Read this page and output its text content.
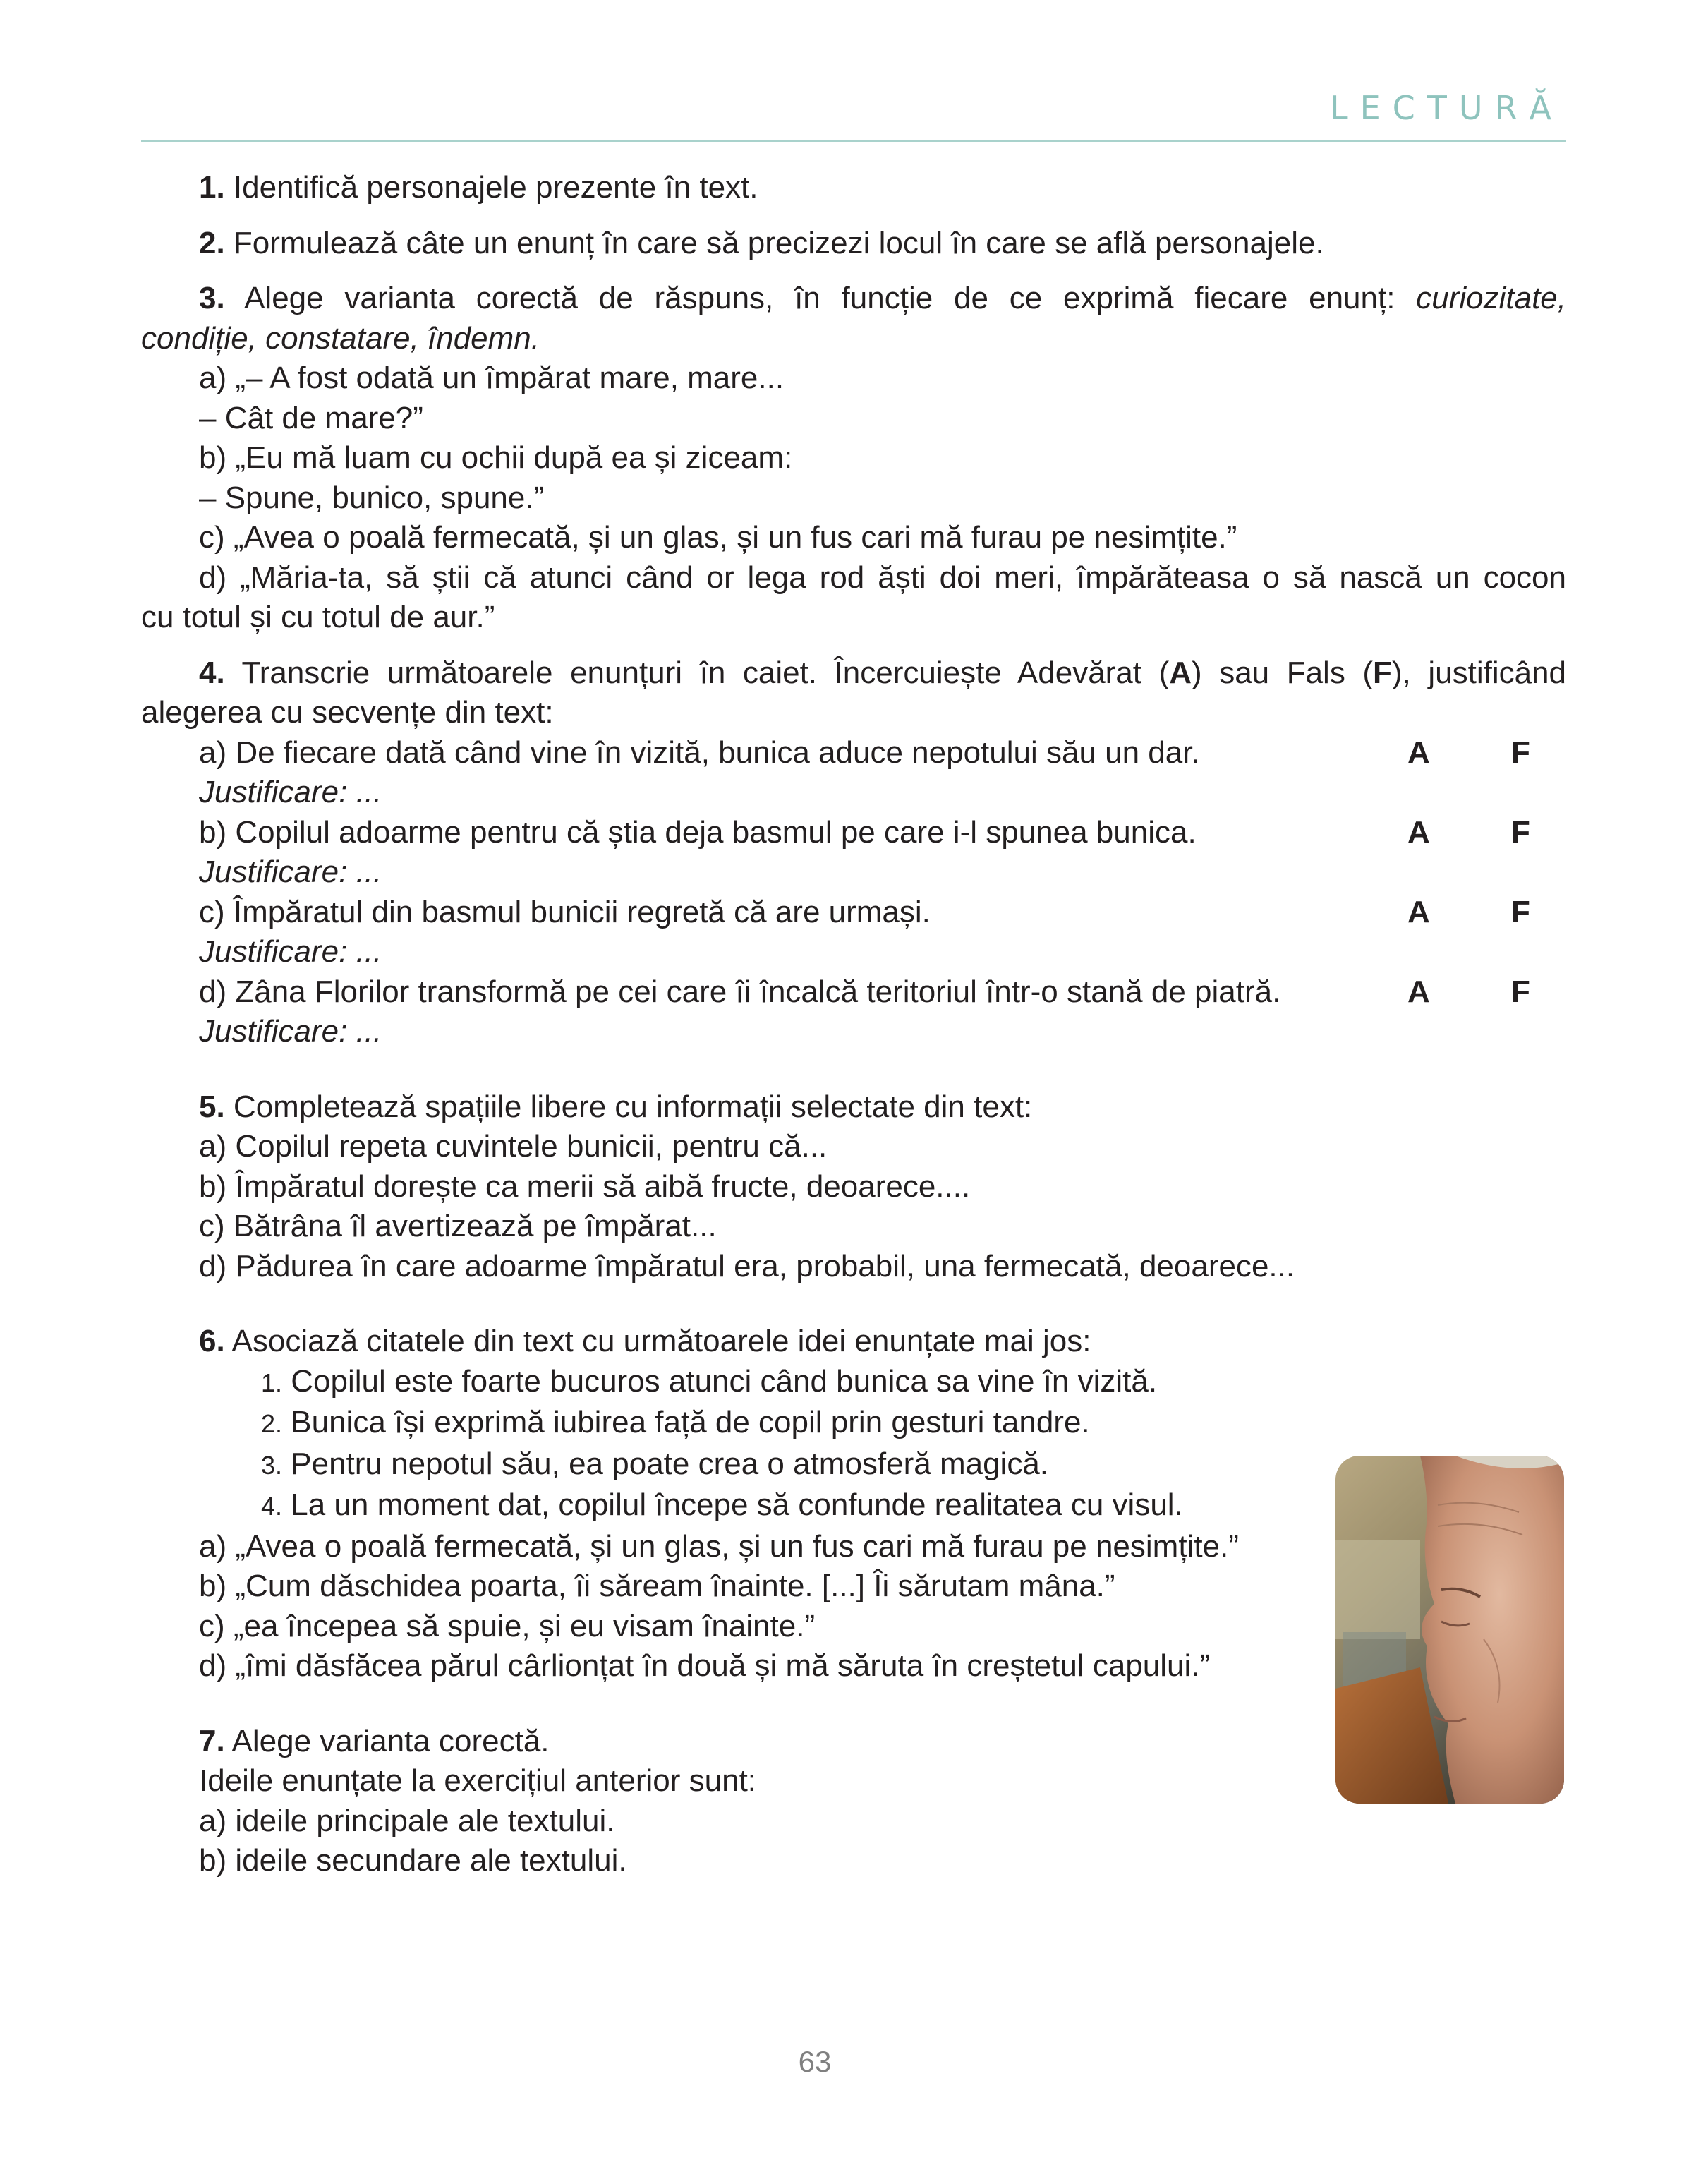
LECTURĂ

1. Identifică personajele prezente în text.

2. Formulează câte un enunț în care să precizezi locul în care se află personajele.

3. Alege varianta corectă de răspuns, în funcție de ce exprimă fiecare enunț: curiozitate,

condiție, constatare, îndemn.

a) „– A fost odată un împărat mare, mare...

– Cât de mare?”

b) „Eu mă luam cu ochii după ea și ziceam:

– Spune, bunico, spune.”

c) „Avea o poală fermecată, și un glas, și un fus cari mă furau pe nesimțite.”

d) „Măria-ta, să știi că atunci când or lega rod ăști doi meri, împărăteasa o să nască un cocon

cu totul și cu totul de aur.”

4. Transcrie următoarele enunțuri în caiet. Încercuiește Adevărat (A) sau Fals (F), justificând

alegerea cu secvențe din text:

a) De fiecare dată când vine în vizită, bunica aduce nepotului său un dar.	A	F

Justificare: ...

b) Copilul adoarme pentru că știa deja basmul pe care i-l spunea bunica.	A	F

Justificare: ...

c) Împăratul din basmul bunicii regretă că are urmași.	A	F

Justificare: ...

d) Zâna Florilor transformă pe cei care îi încalcă teritoriul într-o stană de piatră.	A	F

Justificare: ...

5. Completează spațiile libere cu informații selectate din text:

a) Copilul repeta cuvintele bunicii, pentru că...

b) Împăratul dorește ca merii să aibă fructe, deoarece....

c) Bătrâna îl avertizează pe împărat...

d) Pădurea în care adoarme împăratul era, probabil, una fermecată, deoarece...

6. Asociază citatele din text cu următoarele idei enunțate mai jos:

1. Copilul este foarte bucuros atunci când bunica sa vine în vizită.

2. Bunica își exprimă iubirea față de copil prin gesturi tandre.

3. Pentru nepotul său, ea poate crea o atmosferă magică.

4. La un moment dat, copilul începe să confunde realitatea cu visul.

a) „Avea o poală fermecată, și un glas, și un fus cari mă furau pe nesimțite.”

b) „Cum dăschidea poarta, îi săream înainte. [...] Îi sărutam mâna.”

c) „ea începea să spuie, și eu visam înainte.”

d) „îmi dăsfăcea părul cârlionțat în două și mă săruta în creștetul capului.”

7. Alege varianta corectă.

Ideile enunțate la exercițiul anterior sunt:

a) ideile principale ale textului.

b) ideile secundare ale textului.

63
